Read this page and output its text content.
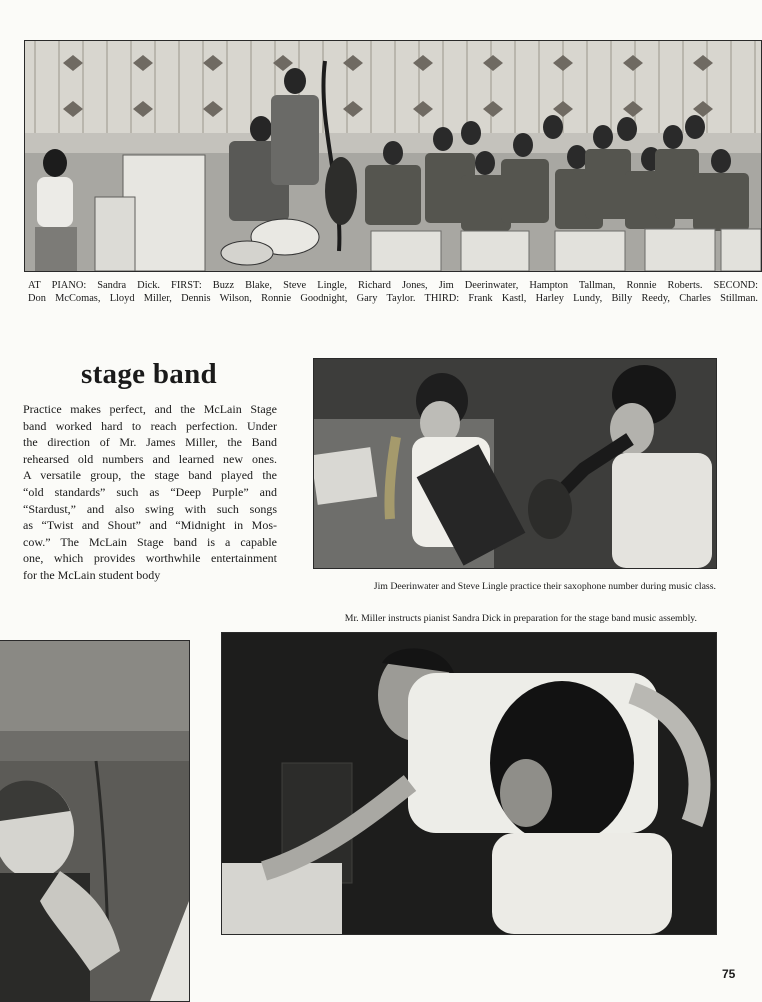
AT PIANO: Sandra Dick. FIRST: Buzz Blake, Steve Lingle, Richard Jones, Jim Deerinwater, Hampton Tallman, Ronnie Roberts. SECOND:
Don McComas, Lloyd Miller, Dennis Wilson, Ronnie Goodnight, Gary Taylor. THIRD: Frank Kastl, Harley Lundy, Billy Reedy, Charles Stillman.
stage band
Practice makes perfect, and the McLain Stage
band worked hard to reach perfection. Under
the direction of Mr. James Miller, the Band
rehearsed old numbers and learned new ones.
A versatile group, the stage band played the
“old standards” such as “Deep Purple” and
“Stardust,” and also swing with such songs
as “Twist and Shout” and “Midnight in Mos-
cow.” The McLain Stage band is a capable
one, which provides worthwhile entertainment
for the McLain student body
Jim Deerinwater and Steve Lingle practice their saxophone number during music class.
Mr. Miller instructs pianist Sandra Dick in preparation for the stage band music assembly.
75
